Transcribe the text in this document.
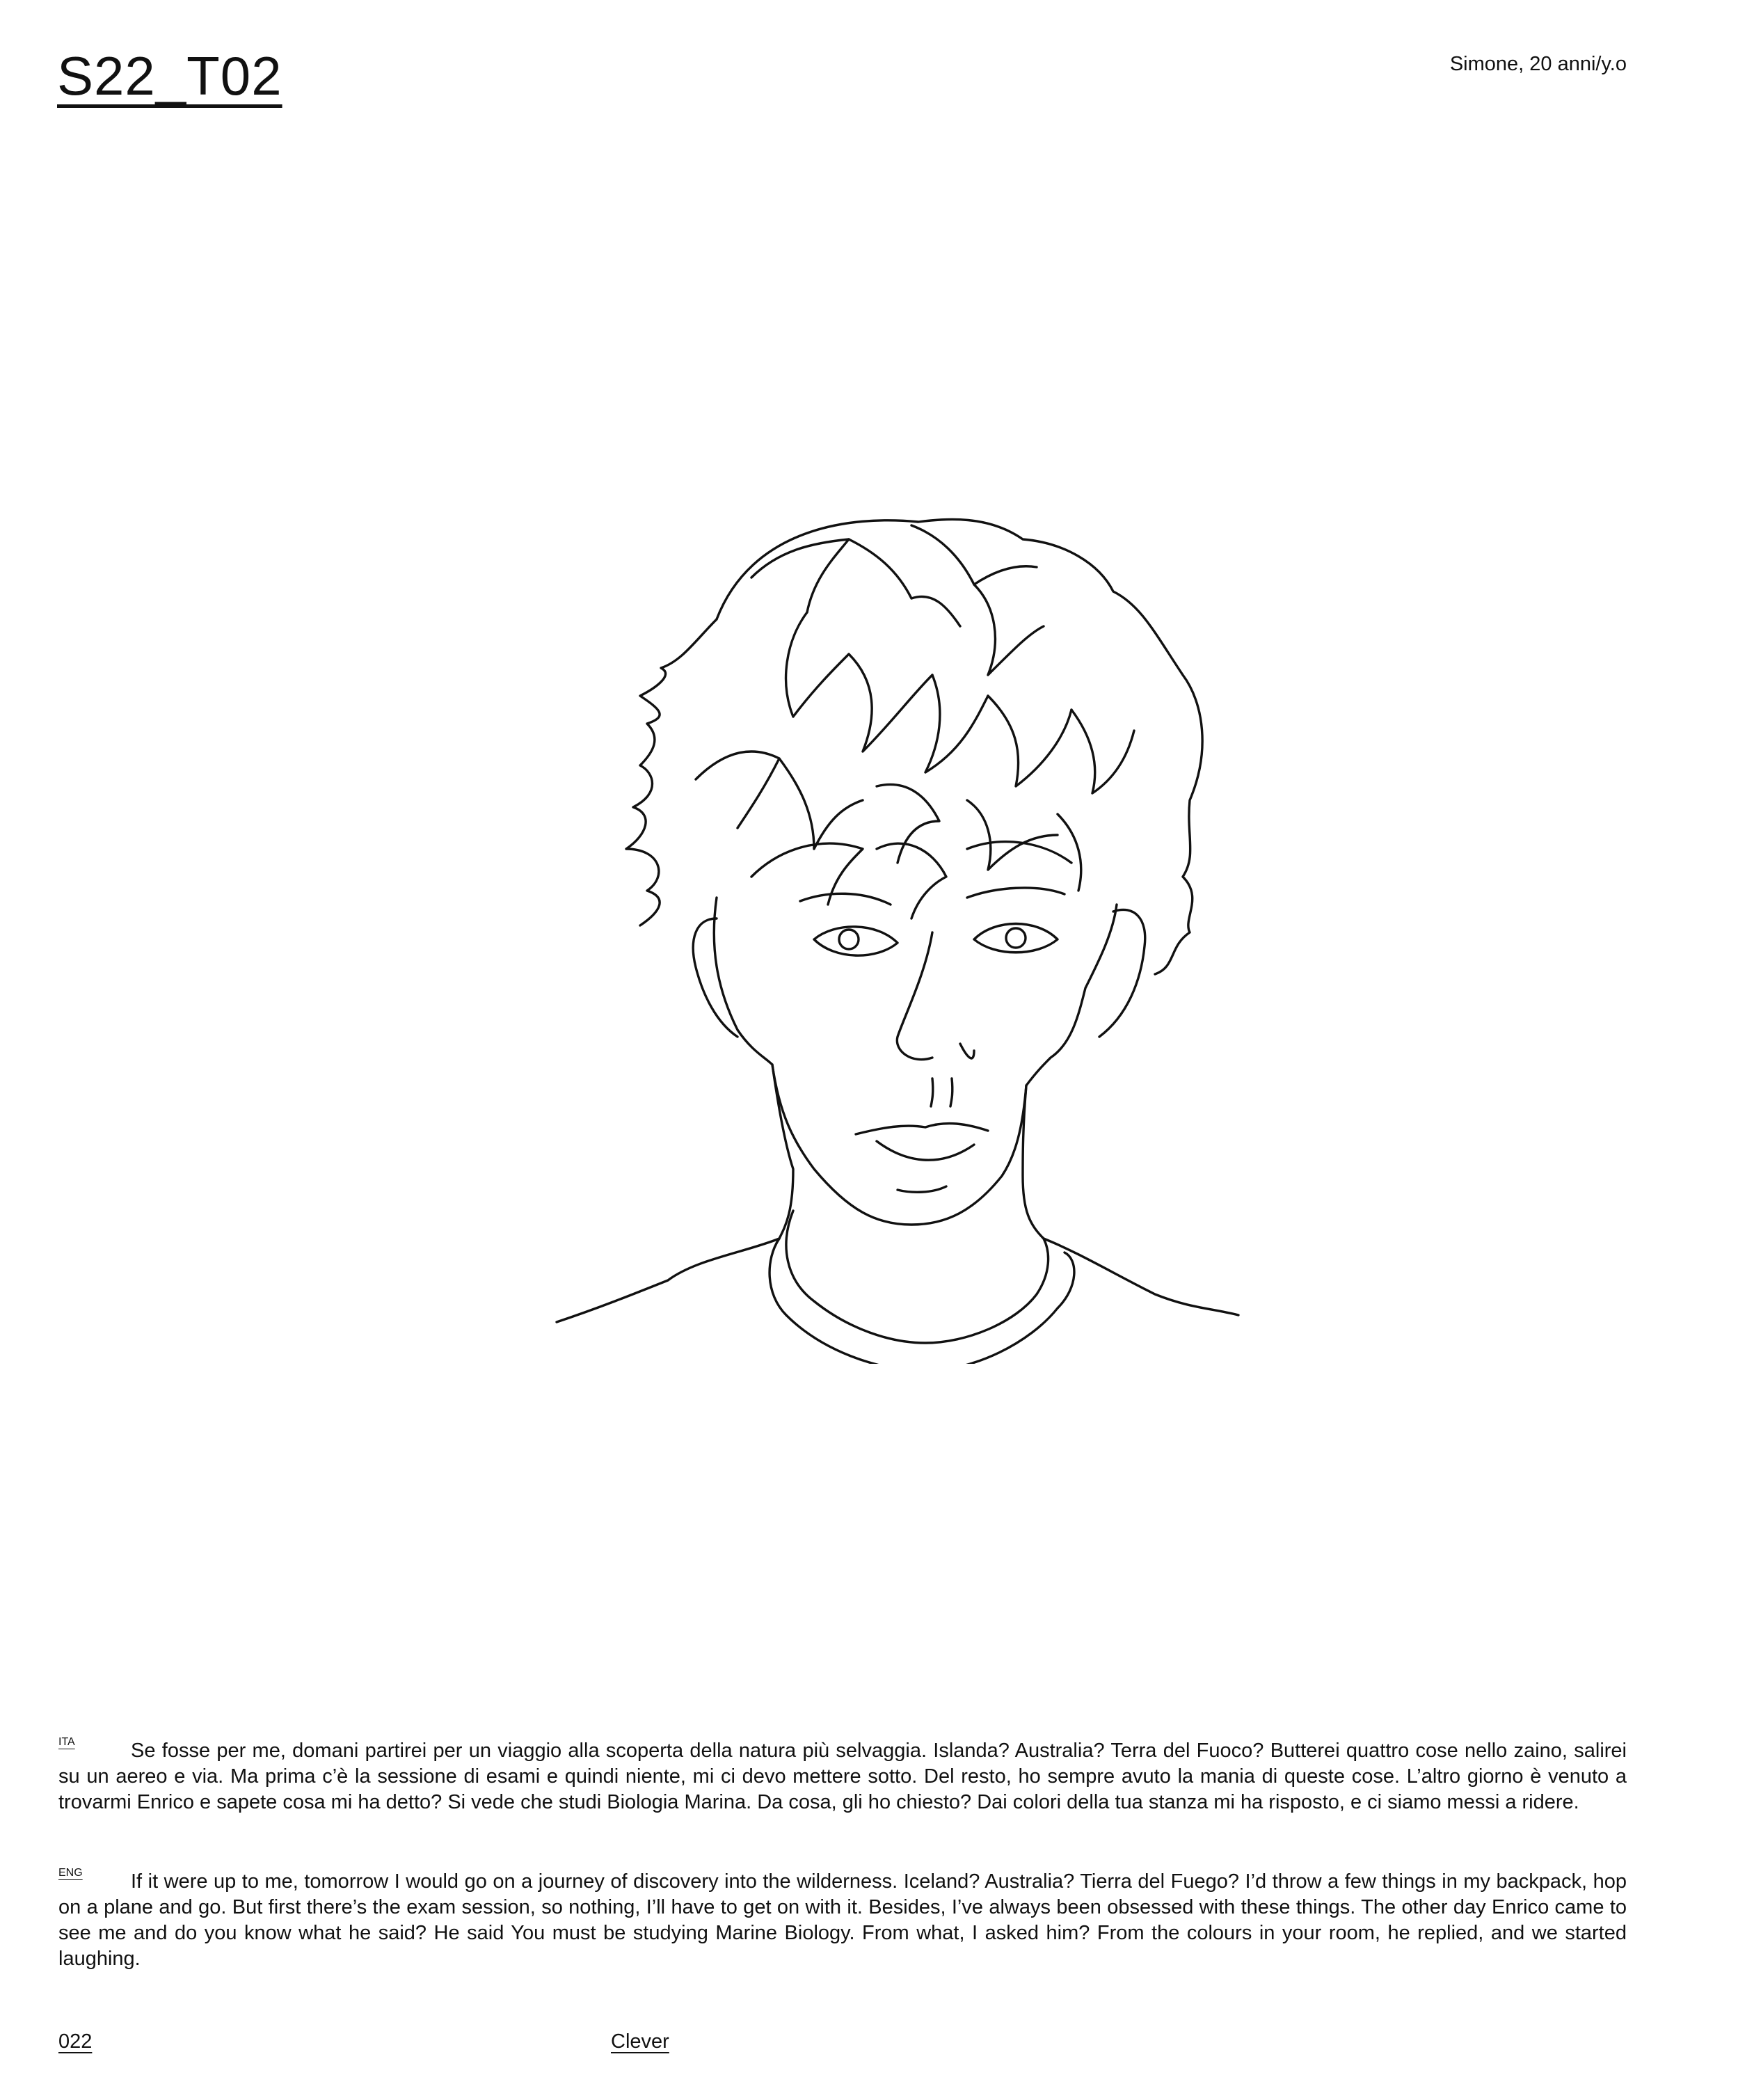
S22_T02	Simone, 20 anni/y.o
ITA	Se fosse per me, domani partirei per un viaggio alla scoperta della natura più selvaggia. Islanda? Australia? Terra del Fuoco? Butterei quattro cose nello zaino, salirei su un aereo e via. Ma prima c’è la sessione di esami e quindi niente, mi ci devo mettere sotto. Del resto, ho sempre avuto la mania di queste cose. L’altro giorno è venuto a trovarmi Enrico e sapete cosa mi ha detto? Si vede che studi Biologia Marina. Da cosa, gli ho chiesto? Dai colori della tua stanza mi ha risposto, e ci siamo messi a ridere.
ENG	If it were up to me, tomorrow I would go on a journey of discovery into the wilderness. Iceland? Australia? Tierra del Fuego? I’d throw a few things in my backpack, hop on a plane and go. But first there’s the exam session, so nothing, I’ll have to get on with it. Besides, I’ve always been obsessed with these things. The other day Enrico came to see me and do you know what he said? He said You must be studying Marine Biology. From what, I asked him? From the colours in your room, he replied, and we started laughing.
022	Clever
